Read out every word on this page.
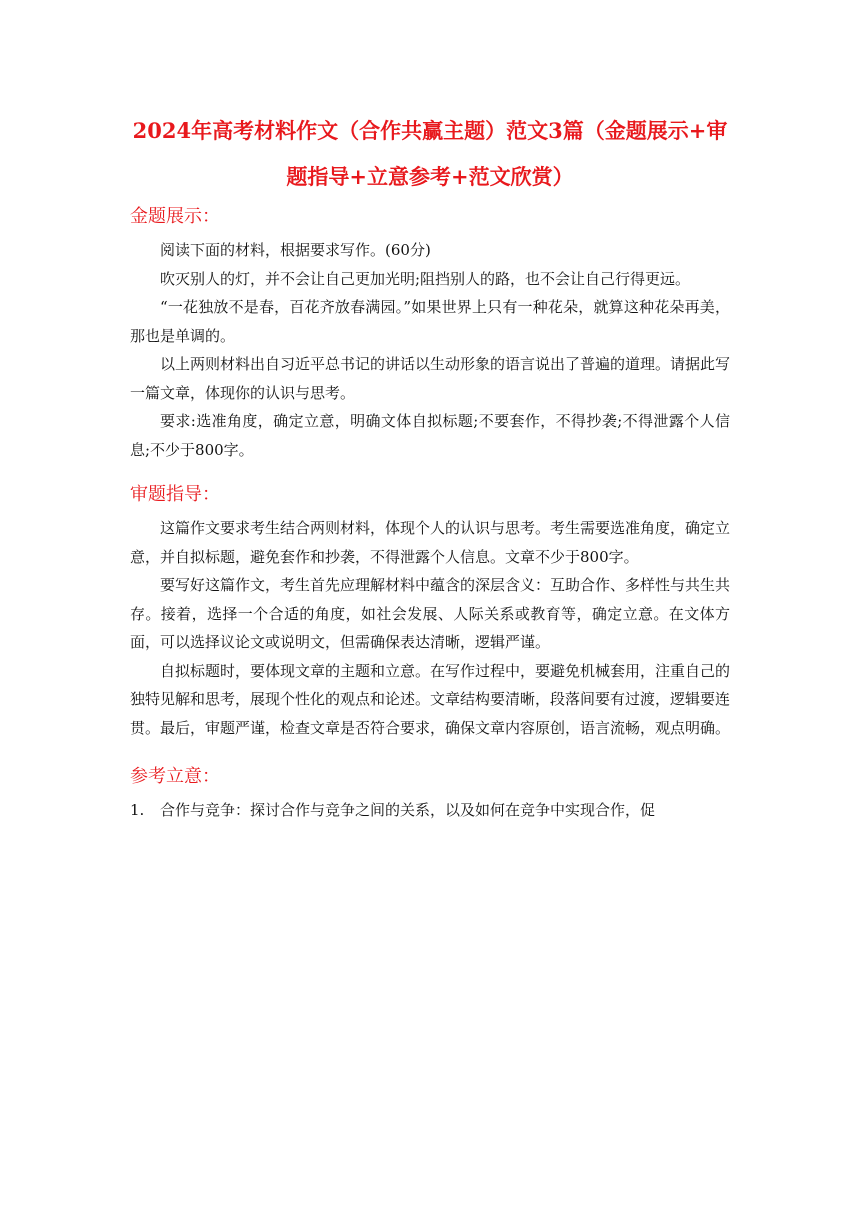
2024年高考材料作文（合作共赢主题）范文3篇（金题展示+审题指导+立意参考+范文欣赏）
金题展示：

阅读下面的材料，根据要求写作。(60分)

吹灭别人的灯，并不会让自己更加光明;阻挡别人的路，也不会让自己行得更远。

“一花独放不是春，百花齐放春满园。”如果世界上只有一种花朵，就算这种花朵再美，那也是单调的。

以上两则材料出自习近平总书记的讲话以生动形象的语言说出了普遍的道理。请据此写一篇文章，体现你的认识与思考。

要求:选准角度，确定立意，明确文体自拟标题;不要套作，不得抄袭;不得泄露个人信息;不少于800字。

审题指导：

这篇作文要求考生结合两则材料，体现个人的认识与思考。考生需要选准角度，确定立意，并自拟标题，避免套作和抄袭，不得泄露个人信息。文章不少于800字。

要写好这篇作文，考生首先应理解材料中蕴含的深层含义：互助合作、多样性与共生共存。接着，选择一个合适的角度，如社会发展、人际关系或教育等，确定立意。在文体方面，可以选择议论文或说明文，但需确保表达清晰，逻辑严谨。

自拟标题时，要体现文章的主题和立意。在写作过程中，要避免机械套用，注重自己的独特见解和思考，展现个性化的观点和论述。文章结构要清晰，段落间要有过渡，逻辑要连贯。最后，审题严谨，检查文章是否符合要求，确保文章内容原创，语言流畅，观点明确。

参考立意：
1.	合作与竞争：探讨合作与竞争之间的关系，以及如何在竞争中实现合作，促
